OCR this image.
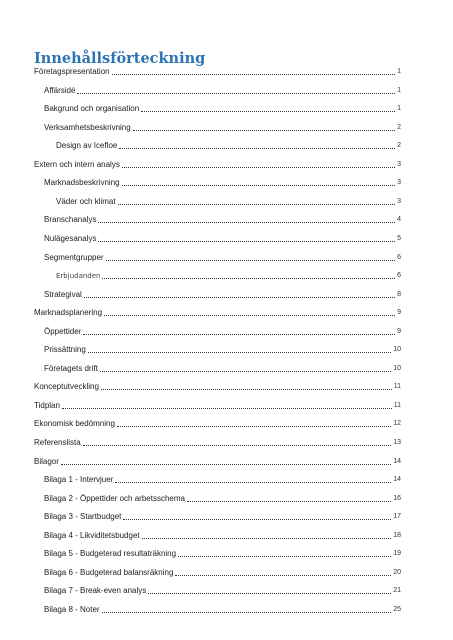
Innehållsförteckning
Företagspresentation	1
Affärsidé	1
Bakgrund och organisation	1
Verksamhetsbeskrivning	2
Design av Icefloe	2
Extern och intern analys	3
Marknadsbeskrivning	3
Väder och klimat	3
Branschanalys	4
Nulägesanalys	5
Segmentgrupper	6
Erbjudanden	6
Strategival	8
Marknadsplanering	9
Öppettider	9
Prissättning	10
Företagets drift	10
Konceptutveckling	11
Tidplan	11
Ekonomisk bedömning	12
Referenslista	13
Bilagor	14
Bilaga 1 - Intervjuer	14
Bilaga 2 - Öppettider och arbetsschema	16
Bilaga 3 - Startbudget	17
Bilaga 4 - Likviditetsbudget	18
Bilaga 5 - Budgeterad resultaträkning	19
Bilaga 6 - Budgeterad balansräkning	20
Bilaga 7 - Break-even analys	21
Bilaga 8 - Noter	25
